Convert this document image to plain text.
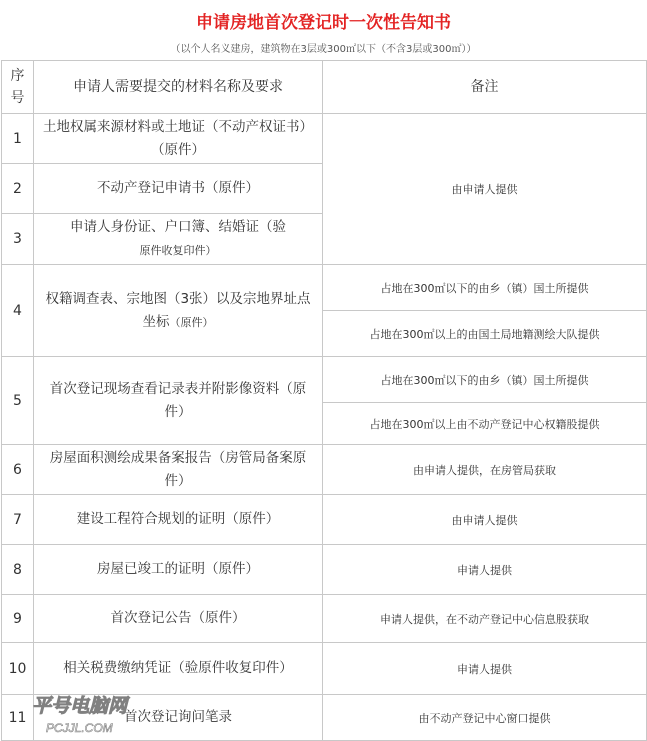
申请房地首次登记时一次性告知书
（以个人名义建房，建筑物在3层或300㎡以下（不含3层或300㎡））
序号	申请人需要提交的材料名称及要求	备注
1	土地权属来源材料或土地证（不动产权证书）（原件）	由申请人提供
2	不动产登记申请书（原件）	
3	申请人身份证、户口簿、结婚证（验
原件收复印件）	
4	权籍调查表、宗地图（3张）以及宗地界址点坐标（原件）	占地在300㎡以下的由乡（镇）国土所提供
		占地在300㎡以上的由国土局地籍测绘大队提供
5	首次登记现场查看记录表并附影像资料（原件）	占地在300㎡以下的由乡（镇）国土所提供
		占地在300㎡以上由不动产登记中心权籍股提供
6	房屋面积测绘成果备案报告（房管局备案原件）	由申请人提供，在房管局获取
7	建设工程符合规划的证明（原件）	由申请人提供
8	房屋已竣工的证明（原件）	申请人提供
9	首次登记公告（原件）	申请人提供，在不动产登记中心信息股获取
10	相关税费缴纳凭证（验原件收复印件）	申请人提供
11	首次登记询问笔录	由不动产登记中心窗口提供
平号电脑网
PCJJL.COM
